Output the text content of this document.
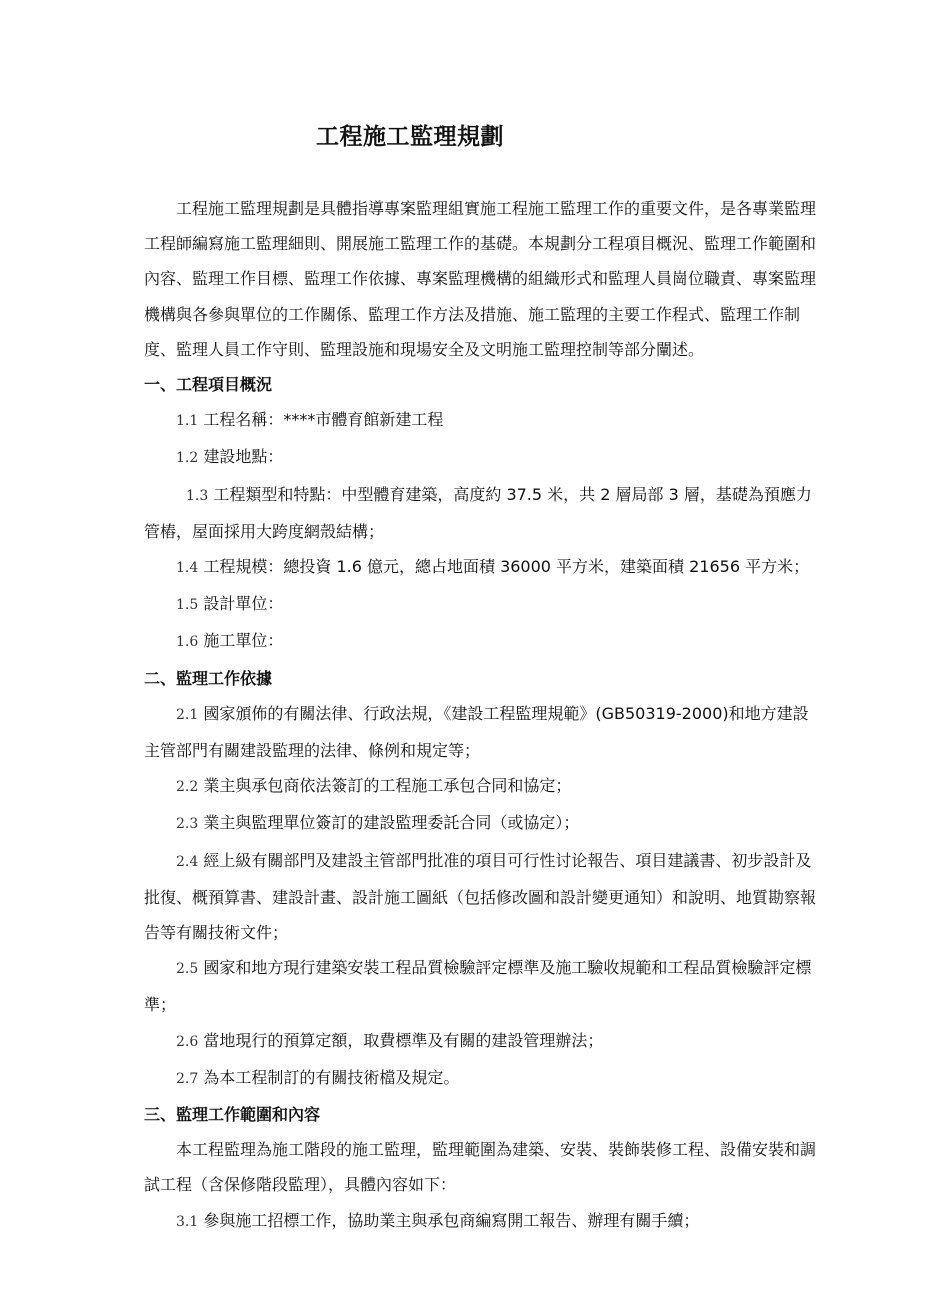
工程施工監理規劃

工程施工監理規劃是具體指導專案監理組實施工程施工監理工作的重要文件，是各專業監理工程師編寫施工監理細則、開展施工監理工作的基礎。本規劃分工程項目概況、監理工作範圍和內容、監理工作目標、監理工作依據、專案監理機構的組織形式和監理人員崗位職責、專案監理機構與各參與單位的工作關係、監理工作方法及措施、施工監理的主要工作程式、監理工作制度、監理人員工作守則、監理設施和現場安全及文明施工監理控制等部分闡述。

一、工程項目概況

1.1 工程名稱：****市體育館新建工程

1.2 建設地點：

1.3 工程類型和特點：中型體育建築，高度約 37.5 米，共 2 層局部 3 層，基礎為預應力管樁，屋面採用大跨度網殼結構；

1.4 工程規模：總投資 1.6 億元，總占地面積 36000 平方米，建築面積 21656 平方米；

1.5 設計單位：

1.6 施工單位：

二、監理工作依據

2.1 國家頒佈的有關法律、行政法規，《建設工程監理規範》(GB50319-2000)和地方建設主管部門有關建設監理的法律、條例和規定等；

2.2 業主與承包商依法簽訂的工程施工承包合同和協定；

2.3 業主與監理單位簽訂的建設監理委託合同（或協定）；

2.4 經上級有關部門及建設主管部門批准的項目可行性讨论報告、項目建議書、初步設計及批復、概預算書、建設計畫、設計施工圖紙（包括修改圖和設計變更通知）和說明、地質勘察報告等有關技術文件；

2.5 國家和地方現行建築安裝工程品質檢驗評定標準及施工驗收規範和工程品質檢驗評定標準；

2.6 當地現行的預算定額，取費標準及有關的建設管理辦法；

2.7 為本工程制訂的有關技術檔及規定。

三、監理工作範圍和內容

本工程監理為施工階段的施工監理，監理範圍為建築、安裝、裝飾裝修工程、設備安裝和調試工程（含保修階段監理），具體內容如下：

3.1 參與施工招標工作，協助業主與承包商編寫開工報告、辦理有關手續；
